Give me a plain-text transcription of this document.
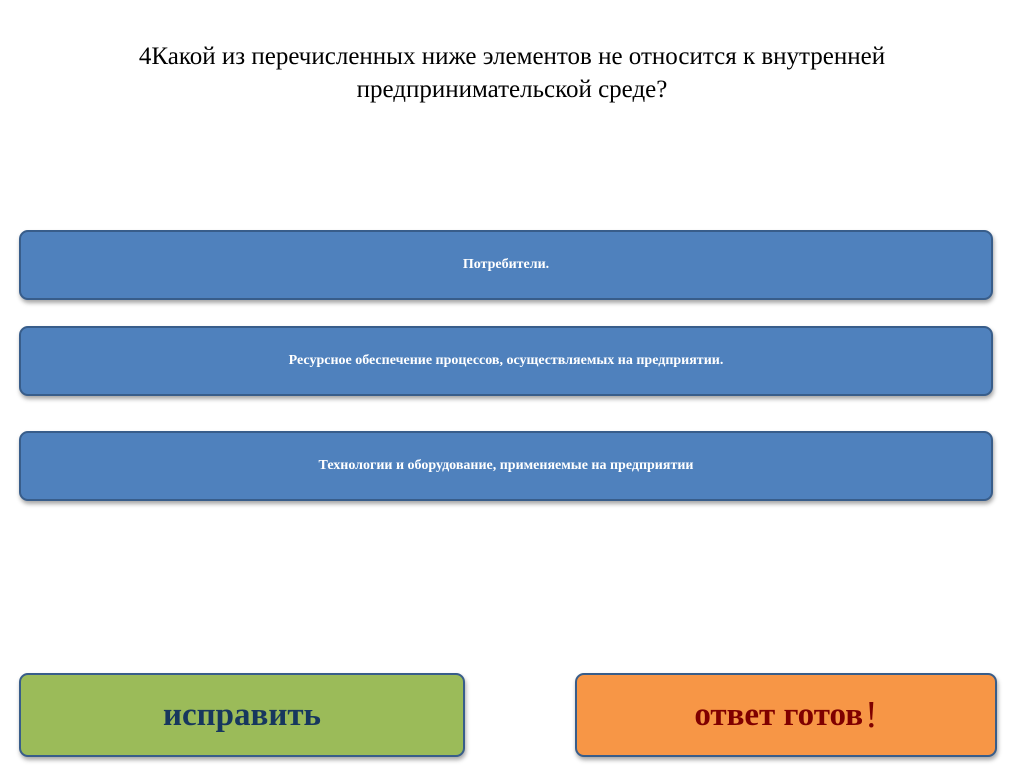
4Какой из перечисленных ниже элементов не относится к внутренней
предпринимательской среде?
Потребители.
Ресурсное обеспечение процессов, осуществляемых на предприятии.
Технологии и оборудование, применяемые на предприятии
исправить	ответ готов !
